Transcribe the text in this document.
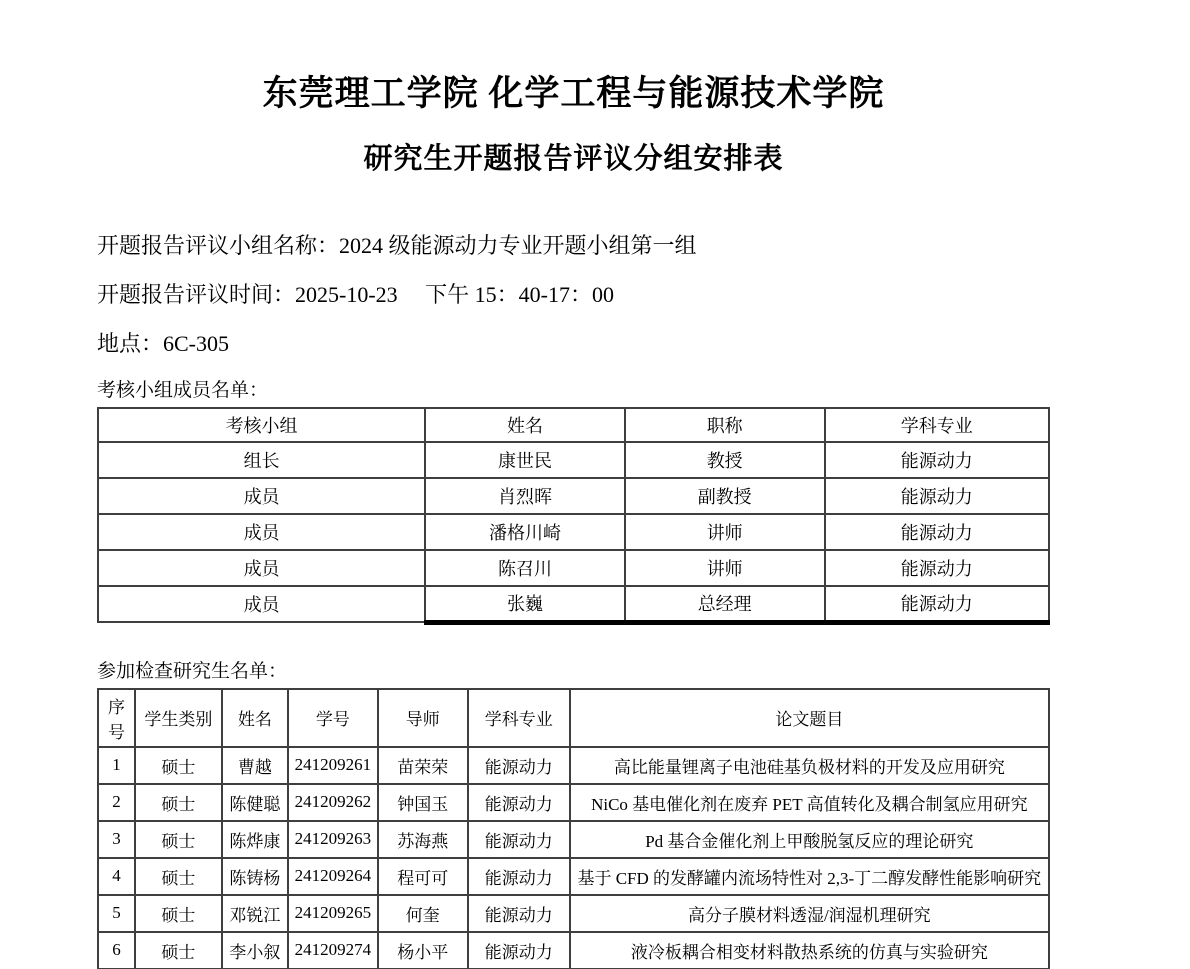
东莞理工学院 化学工程与能源技术学院
研究生开题报告评议分组安排表
开题报告评议小组名称：2024 级能源动力专业开题小组第一组
开题报告评议时间：2025-10-23　 下午 15：40-17：00
地点：6C-305
考核小组成员名单：
考核小组	姓名	职称	学科专业
组长	康世民	教授	能源动力
成员	肖烈晖	副教授	能源动力
成员	潘格川崎	讲师	能源动力
成员	陈召川	讲师	能源动力
成员	张巍	总经理	能源动力
参加检查研究生名单：
序号	学生类别	姓名	学号	导师	学科专业	论文题目
1	硕士	曹越	241209261	苗荣荣	能源动力	高比能量锂离子电池硅基负极材料的开发及应用研究
2	硕士	陈健聪	241209262	钟国玉	能源动力	NiCo 基电催化剂在废弃 PET 高值转化及耦合制氢应用研究
3	硕士	陈烨康	241209263	苏海燕	能源动力	Pd 基合金催化剂上甲酸脱氢反应的理论研究
4	硕士	陈铸杨	241209264	程可可	能源动力	基于 CFD 的发酵罐内流场特性对 2,3-丁二醇发酵性能影响研究
5	硕士	邓锐江	241209265	何奎	能源动力	高分子膜材料透湿/润湿机理研究
6	硕士	李小叙	241209274	杨小平	能源动力	液冷板耦合相变材料散热系统的仿真与实验研究
